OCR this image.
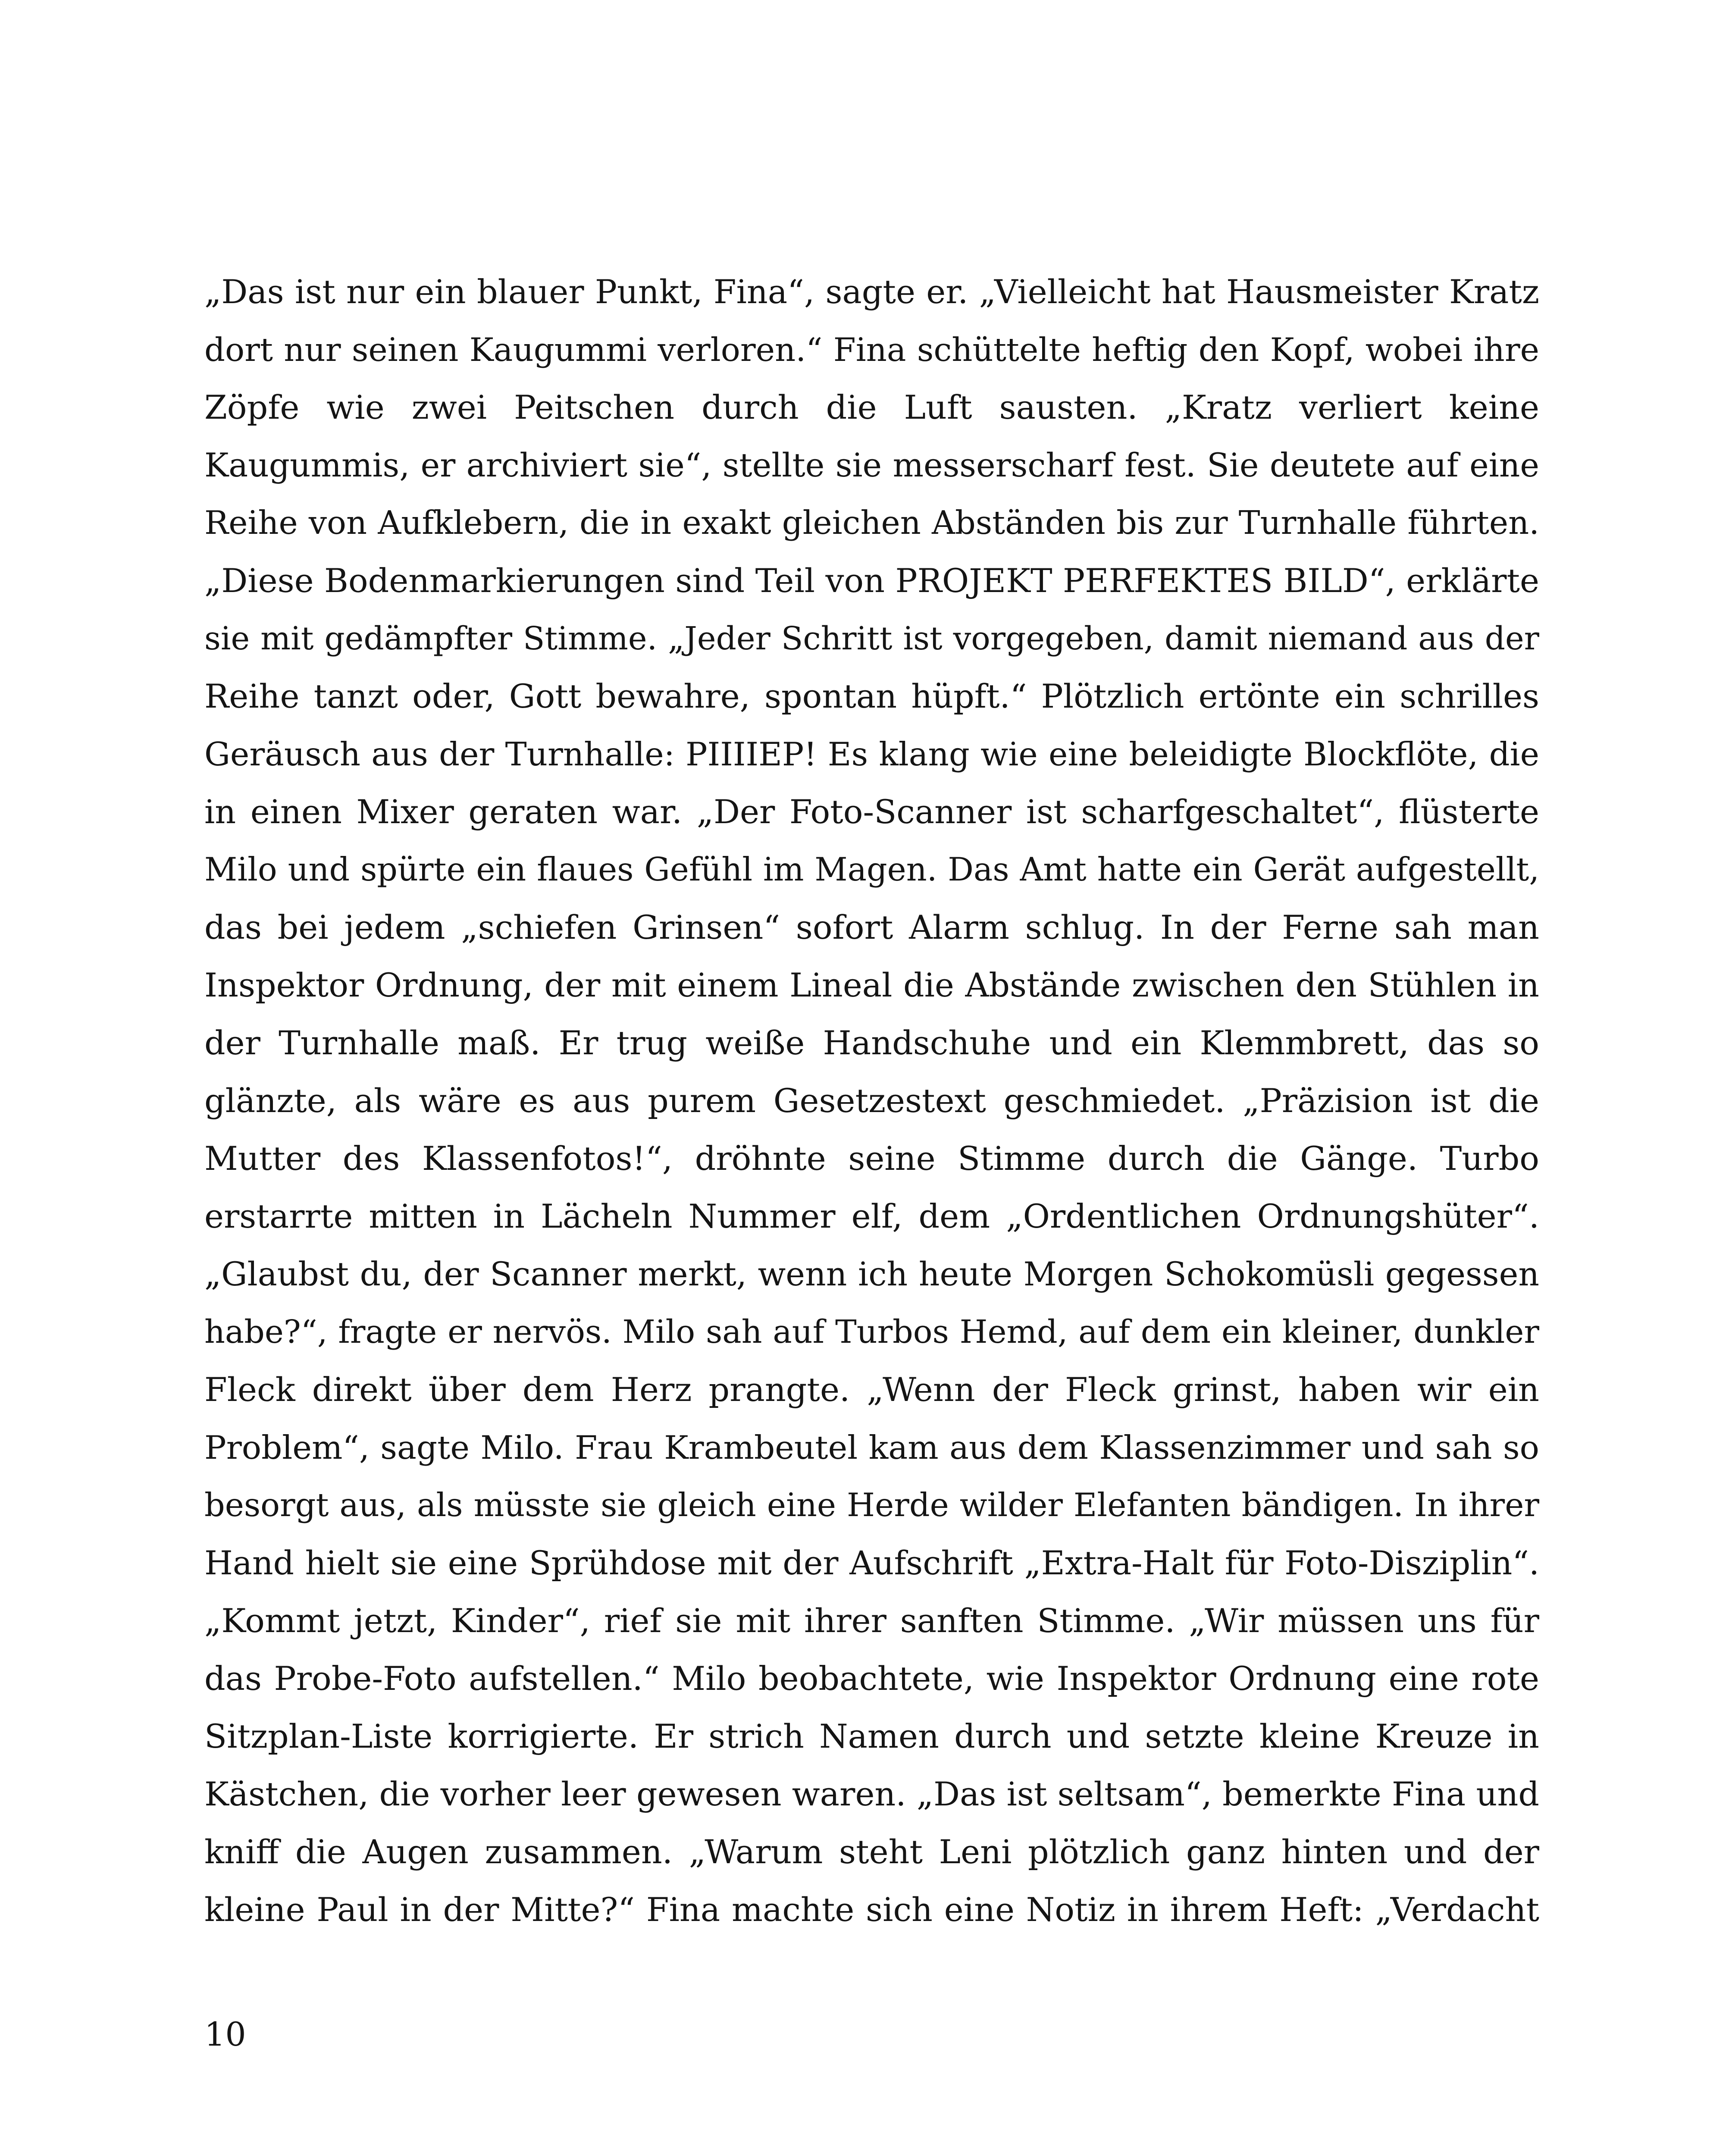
„Das ist nur ein blauer Punkt, Fina“, sagte er. „Vielleicht hat Hausmeister Kratz
dort nur seinen Kaugummi verloren.“ Fina schüttelte heftig den Kopf, wobei ihre
Zöpfe wie zwei Peitschen durch die Luft sausten. „Kratz verliert keine
Kaugummis, er archiviert sie“, stellte sie messerscharf fest. Sie deutete auf eine
Reihe von Aufklebern, die in exakt gleichen Abständen bis zur Turnhalle führten.
„Diese Bodenmarkierungen sind Teil von PROJEKT PERFEKTES BILD“, erklärte
sie mit gedämpfter Stimme. „Jeder Schritt ist vorgegeben, damit niemand aus der
Reihe tanzt oder, Gott bewahre, spontan hüpft.“ Plötzlich ertönte ein schrilles
Geräusch aus der Turnhalle: PIIIIEP! Es klang wie eine beleidigte Blockflöte, die
in einen Mixer geraten war. „Der Foto-Scanner ist scharfgeschaltet“, flüsterte
Milo und spürte ein flaues Gefühl im Magen. Das Amt hatte ein Gerät aufgestellt,
das bei jedem „schiefen Grinsen“ sofort Alarm schlug. In der Ferne sah man
Inspektor Ordnung, der mit einem Lineal die Abstände zwischen den Stühlen in
der Turnhalle maß. Er trug weiße Handschuhe und ein Klemmbrett, das so
glänzte, als wäre es aus purem Gesetzestext geschmiedet. „Präzision ist die
Mutter des Klassenfotos!“, dröhnte seine Stimme durch die Gänge. Turbo
erstarrte mitten in Lächeln Nummer elf, dem „Ordentlichen Ordnungshüter“.
„Glaubst du, der Scanner merkt, wenn ich heute Morgen Schokomüsli gegessen
habe?“, fragte er nervös. Milo sah auf Turbos Hemd, auf dem ein kleiner, dunkler
Fleck direkt über dem Herz prangte. „Wenn der Fleck grinst, haben wir ein
Problem“, sagte Milo. Frau Krambeutel kam aus dem Klassenzimmer und sah so
besorgt aus, als müsste sie gleich eine Herde wilder Elefanten bändigen. In ihrer
Hand hielt sie eine Sprühdose mit der Aufschrift „Extra-Halt für Foto-Disziplin“.
„Kommt jetzt, Kinder“, rief sie mit ihrer sanften Stimme. „Wir müssen uns für
das Probe-Foto aufstellen.“ Milo beobachtete, wie Inspektor Ordnung eine rote
Sitzplan-Liste korrigierte. Er strich Namen durch und setzte kleine Kreuze in
Kästchen, die vorher leer gewesen waren. „Das ist seltsam“, bemerkte Fina und
kniff die Augen zusammen. „Warum steht Leni plötzlich ganz hinten und der
kleine Paul in der Mitte?“ Fina machte sich eine Notiz in ihrem Heft: „Verdacht
10
